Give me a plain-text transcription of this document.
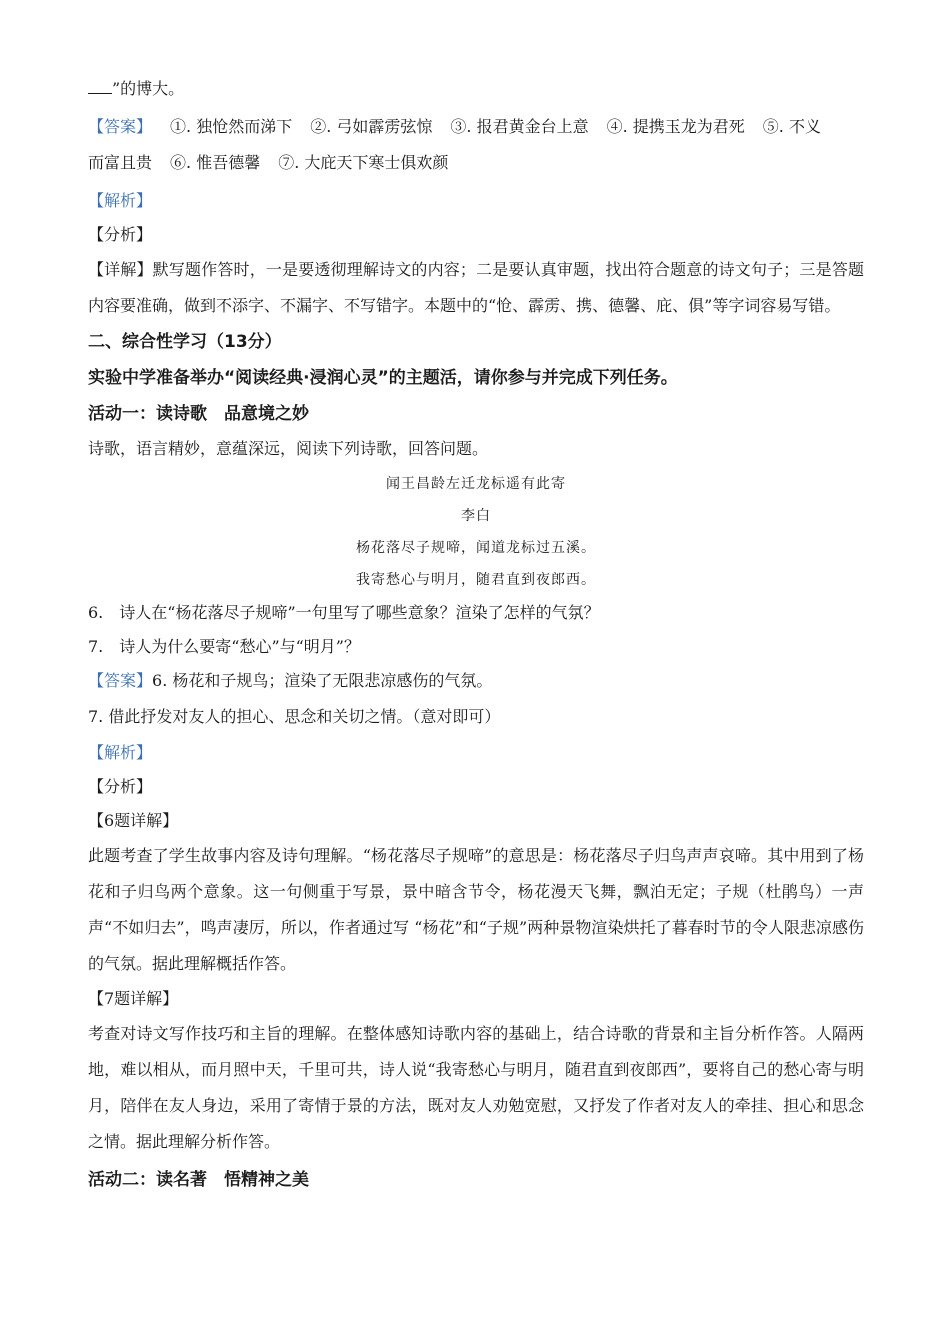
”的博大。

【答案】 ①. 独怆然而涕下 ②. 弓如霹雳弦惊 ③. 报君黄金台上意 ④. 提携玉龙为君死 ⑤. 不义

而富且贵 ⑥. 惟吾德馨 ⑦. 大庇天下寒士俱欢颜

【解析】

【分析】

【详解】默写题作答时，一是要透彻理解诗文的内容；二是要认真审题，找出符合题意的诗文句子；三是答题内容要准确，做到不添字、不漏字、不写错字。本题中的“怆、霹雳、携、德馨、庇、俱”等字词容易写错。

二、综合性学习（13分）

实验中学准备举办“阅读经典·浸润心灵”的主题活，请你参与并完成下列任务。

活动一：读诗歌　品意境之妙

诗歌，语言精妙，意蕴深远，阅读下列诗歌，回答问题。

闻王昌龄左迁龙标遥有此寄

李白

杨花落尽子规啼，闻道龙标过五溪。

我寄愁心与明月，随君直到夜郎西。

6.　诗人在“杨花落尽子规啼”一句里写了哪些意象？渲染了怎样的气氛？

7.　诗人为什么要寄“愁心”与“明月”？

【答案】6. 杨花和子规鸟；渲染了无限悲凉感伤的气氛。

7. 借此抒发对友人的担心、思念和关切之情。（意对即可）

【解析】

【分析】

【6题详解】

此题考查了学生故事内容及诗句理解。“杨花落尽子规啼”的意思是：杨花落尽子归鸟声声哀啼。其中用到了杨花和子归鸟两个意象。这一句侧重于写景，景中暗含节令，杨花漫天飞舞，飘泊无定；子规（杜鹃鸟）一声声“不如归去”，鸣声凄厉，所以，作者通过写 “杨花”和“子规”两种景物渲染烘托了暮春时节的令人限悲凉感伤的气氛。据此理解概括作答。

【7题详解】

考查对诗文写作技巧和主旨的理解。在整体感知诗歌内容的基础上，结合诗歌的背景和主旨分析作答。人隔两地，难以相从，而月照中天，千里可共，诗人说“我寄愁心与明月，随君直到夜郎西”，要将自己的愁心寄与明月，陪伴在友人身边，采用了寄情于景的方法，既对友人劝勉宽慰，又抒发了作者对友人的牵挂、担心和思念之情。据此理解分析作答。

活动二：读名著　悟精神之美
